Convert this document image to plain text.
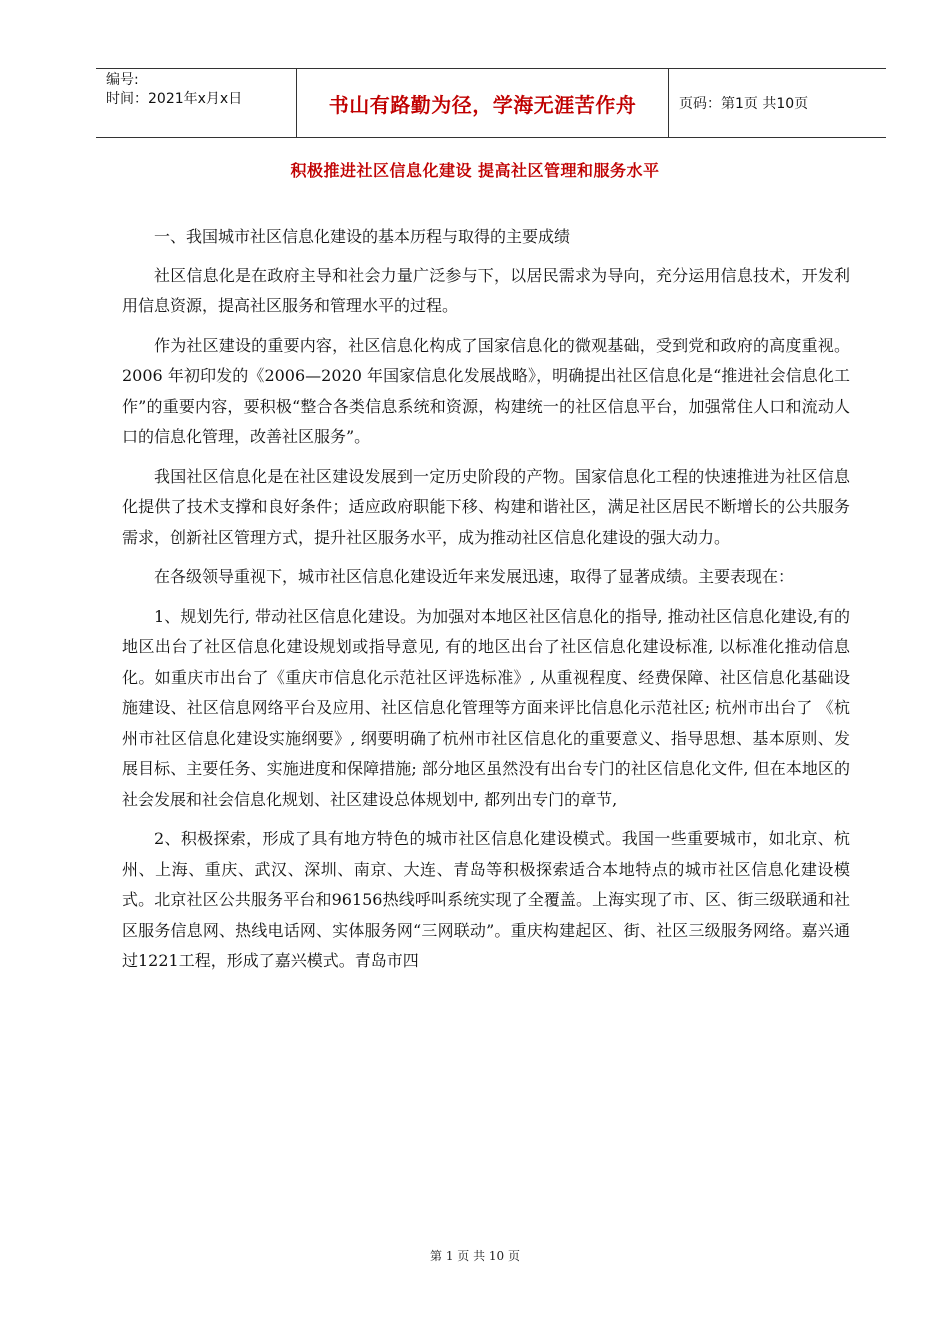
编号:
时间：2021年x月x日	书山有路勤为径，学海无涯苦作舟	页码：第1页 共10页
积极推进社区信息化建设 提高社区管理和服务水平

一、我国城市社区信息化建设的基本历程与取得的主要成绩

社区信息化是在政府主导和社会力量广泛参与下，以居民需求为导向，充分运用信息技术，开发利用信息资源，提高社区服务和管理水平的过程。

作为社区建设的重要内容，社区信息化构成了国家信息化的微观基础，受到党和政府的高度重视。2006 年初印发的《2006—2020 年国家信息化发展战略》，明确提出社区信息化是“推进社会信息化工作”的重要内容，要积极“整合各类信息系统和资源，构建统一的社区信息平台，加强常住人口和流动人口的信息化管理，改善社区服务”。

我国社区信息化是在社区建设发展到一定历史阶段的产物。国家信息化工程的快速推进为社区信息化提供了技术支撑和良好条件；适应政府职能下移、构建和谐社区，满足社区居民不断增长的公共服务需求，创新社区管理方式，提升社区服务水平，成为推动社区信息化建设的强大动力。

在各级领导重视下，城市社区信息化建设近年来发展迅速，取得了显著成绩。主要表现在：

1、规划先行, 带动社区信息化建设。为加强对本地区社区信息化的指导, 推动社区信息化建设,有的地区出台了社区信息化建设规划或指导意见, 有的地区出台了社区信息化建设标准, 以标准化推动信息化。如重庆市出台了《重庆市信息化示范社区评选标准》, 从重视程度、经费保障、社区信息化基础设施建设、社区信息网络平台及应用、社区信息化管理等方面来评比信息化示范社区; 杭州市出台了 《杭州市社区信息化建设实施纲要》, 纲要明确了杭州市社区信息化的重要意义、指导思想、基本原则、发展目标、主要任务、实施进度和保障措施; 部分地区虽然没有出台专门的社区信息化文件, 但在本地区的社会发展和社会信息化规划、社区建设总体规划中, 都列出专门的章节,

2、积极探索，形成了具有地方特色的城市社区信息化建设模式。我国一些重要城市，如北京、杭州、上海、重庆、武汉、深圳、南京、大连、青岛等积极探索适合本地特点的城市社区信息化建设模式。北京社区公共服务平台和96156热线呼叫系统实现了全覆盖。上海实现了市、区、街三级联通和社区服务信息网、热线电话网、实体服务网“三网联动”。重庆构建起区、街、社区三级服务网络。嘉兴通过1221工程，形成了嘉兴模式。青岛市四

第 1 页 共 10 页
